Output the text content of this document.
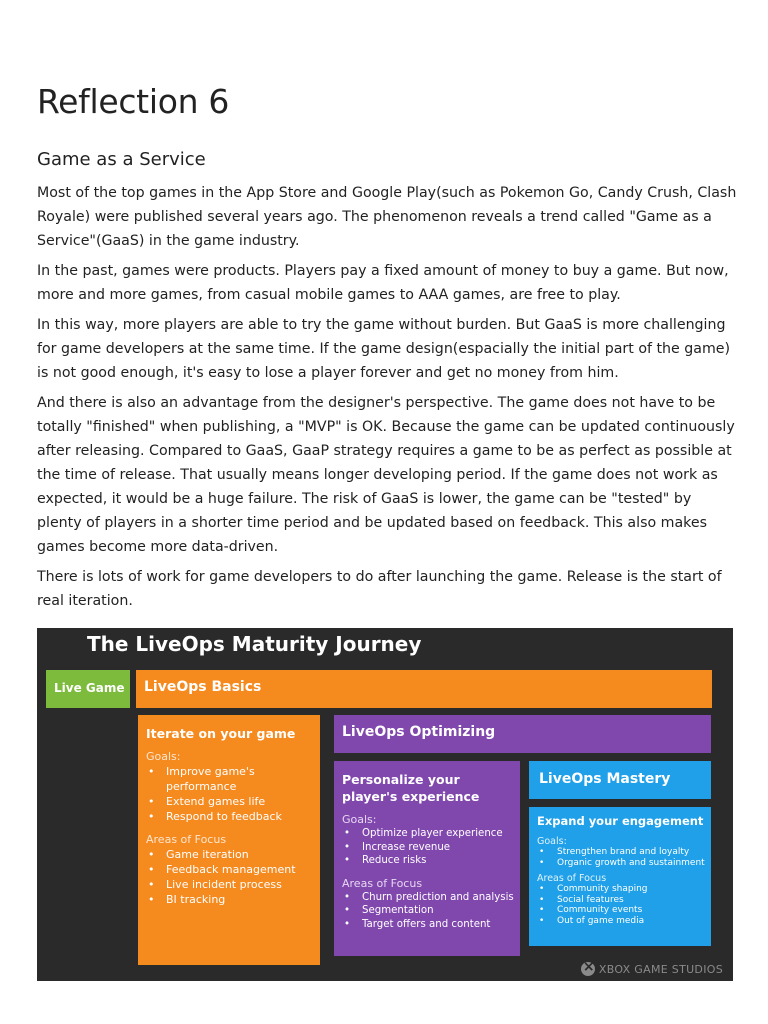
Reflection 6
Game as a Service

Most of the top games in the App Store and Google Play(such as Pokemon Go, Candy Crush, Clash Royale) were published several years ago. The phenomenon reveals a trend called "Game as a Service"(GaaS) in the game industry.

In the past, games were products. Players pay a fixed amount of money to buy a game. But now, more and more games, from casual mobile games to AAA games, are free to play.

In this way, more players are able to try the game without burden. But GaaS is more challenging for game developers at the same time. If the game design(espacially the initial part of the game) is not good enough, it's easy to lose a player forever and get no money from him.

And there is also an advantage from the designer's perspective. The game does not have to be totally "finished" when publishing, a "MVP" is OK. Because the game can be updated continuously after releasing. Compared to GaaS, GaaP strategy requires a game to be as perfect as possible at the time of release. That usually means longer developing period. If the game does not work as expected, it would be a huge failure. The risk of GaaS is lower, the game can be "tested" by plenty of players in a shorter time period and be updated based on feedback. This also makes games become more data-driven.

There is lots of work for game developers to do after launching the game. Release is the start of real iteration.

The LiveOps Maturity Journey
Live Game LiveOps Basics
Iterate on your game
Goals:
• Improve game's performance
• Extend games life
• Respond to feedback
Areas of Focus
• Game iteration
• Feedback management
• Live incident process
• BI tracking
LiveOps Optimizing
Personalize your player's experience
Goals:
• Optimize player experience
• Increase revenue
• Reduce risks
Areas of Focus
• Churn prediction and analysis
• Segmentation
• Target offers and content
LiveOps Mastery
Expand your engagement
Goals:
• Strengthen brand and loyalty
• Organic growth and sustainment
Areas of Focus
• Community shaping
• Social features
• Community events
• Out of game media
×
XBOX GAME STUDIOS
